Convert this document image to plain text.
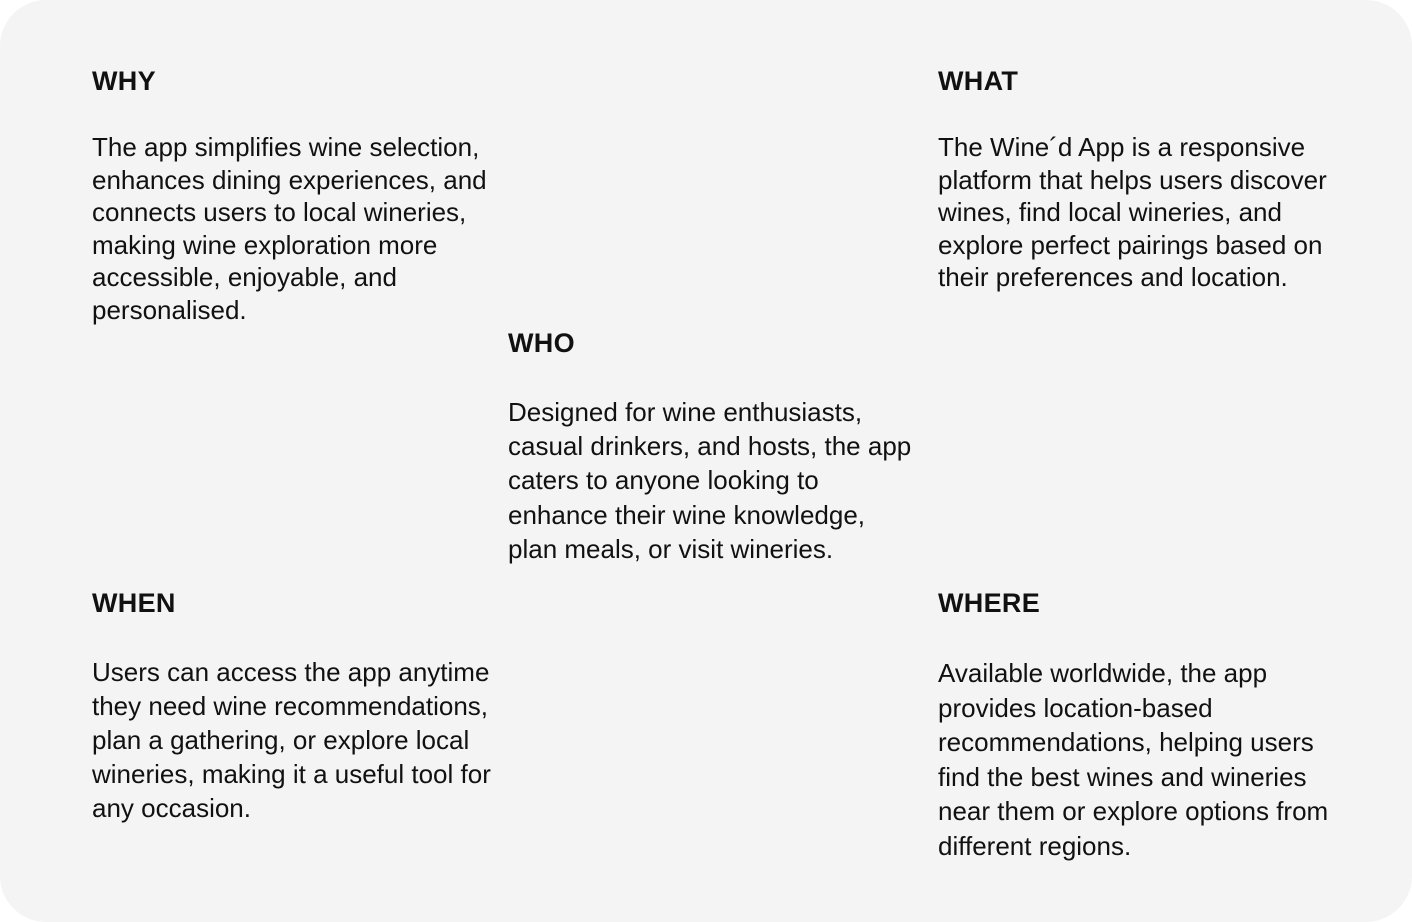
WHY

The app simplifies wine selection, enhances dining experiences, and connects users to local wineries, making wine exploration more accessible, enjoyable, and personalised.

WHAT

The Wine´d App is a responsive platform that helps users discover wines, find local wineries, and explore perfect pairings based on their preferences and location.

WHO

Designed for wine enthusiasts, casual drinkers, and hosts, the app caters to anyone looking to enhance their wine knowledge, plan meals, or visit wineries.

WHEN

Users can access the app anytime they need wine recommendations, plan a gathering, or explore local wineries, making it a useful tool for any occasion.

WHERE

Available worldwide, the app provides location-based recommendations, helping users find the best wines and wineries near them or explore options from different regions.
